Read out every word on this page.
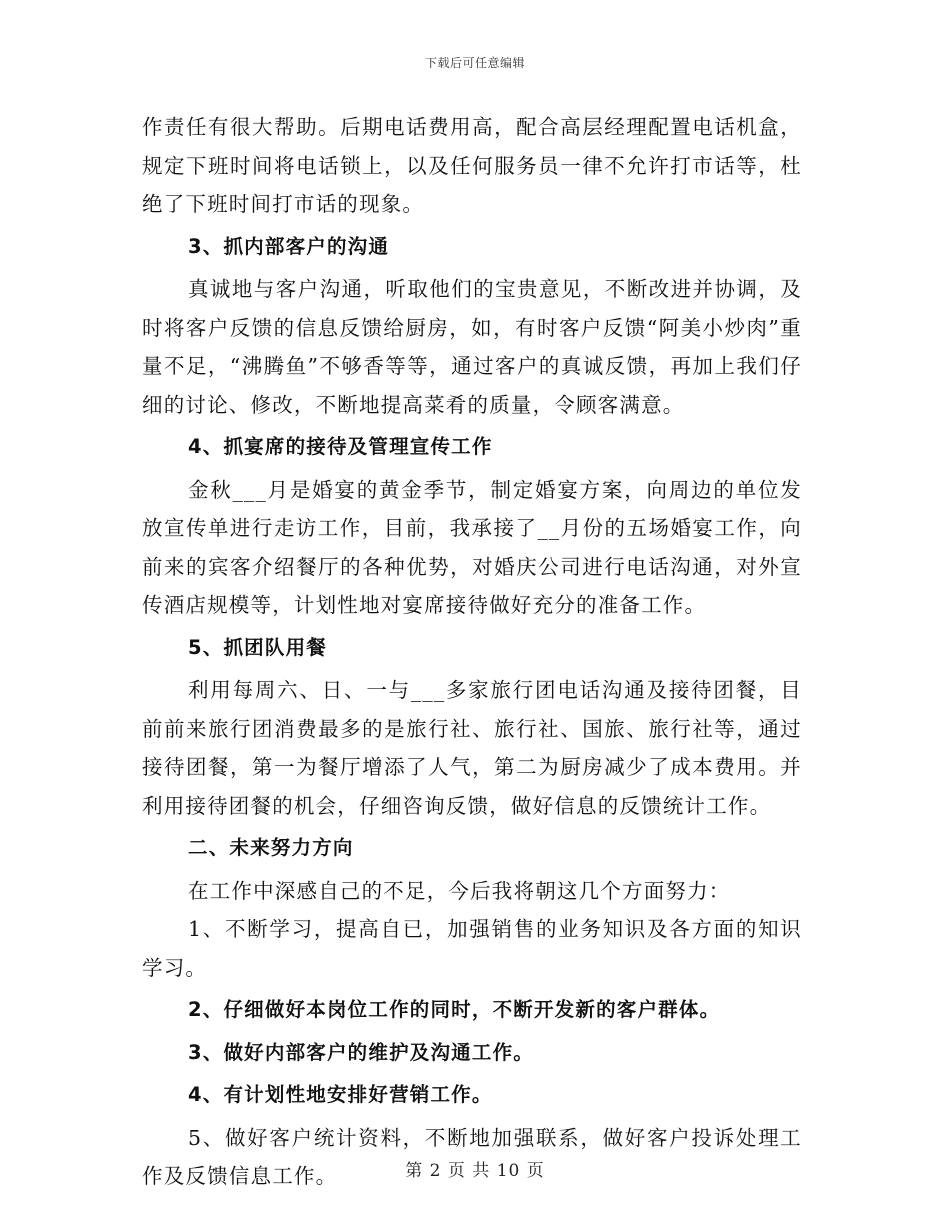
下载后可任意编辑

作责任有很大帮助。后期电话费用高，配合高层经理配置电话机盒，规定下班时间将电话锁上，以及任何服务员一律不允许打市话等，杜绝了下班时间打市话的现象。

3、抓内部客户的沟通

真诚地与客户沟通，听取他们的宝贵意见，不断改进并协调，及时将客户反馈的信息反馈给厨房，如，有时客户反馈“阿美小炒肉”重量不足，“沸腾鱼”不够香等等，通过客户的真诚反馈，再加上我们仔细的讨论、修改，不断地提高菜肴的质量，令顾客满意。

4、抓宴席的接待及管理宣传工作

金秋___月是婚宴的黄金季节，制定婚宴方案，向周边的单位发放宣传单进行走访工作，目前，我承接了__月份的五场婚宴工作，向前来的宾客介绍餐厅的各种优势，对婚庆公司进行电话沟通，对外宣传酒店规模等，计划性地对宴席接待做好充分的准备工作。

5、抓团队用餐

利用每周六、日、一与___多家旅行团电话沟通及接待团餐，目前前来旅行团消费最多的是旅行社、旅行社、国旅、旅行社等，通过接待团餐，第一为餐厅增添了人气，第二为厨房减少了成本费用。并利用接待团餐的机会，仔细咨询反馈，做好信息的反馈统计工作。

二、未来努力方向

在工作中深感自己的不足，今后我将朝这几个方面努力：

1、不断学习，提高自已，加强销售的业务知识及各方面的知识学习。

2、仔细做好本岗位工作的同时，不断开发新的客户群体。

3、做好内部客户的维护及沟通工作。

4、有计划性地安排好营销工作。

5、做好客户统计资料，不断地加强联系，做好客户投诉处理工作及反馈信息工作。	第 2 页 共 10 页
